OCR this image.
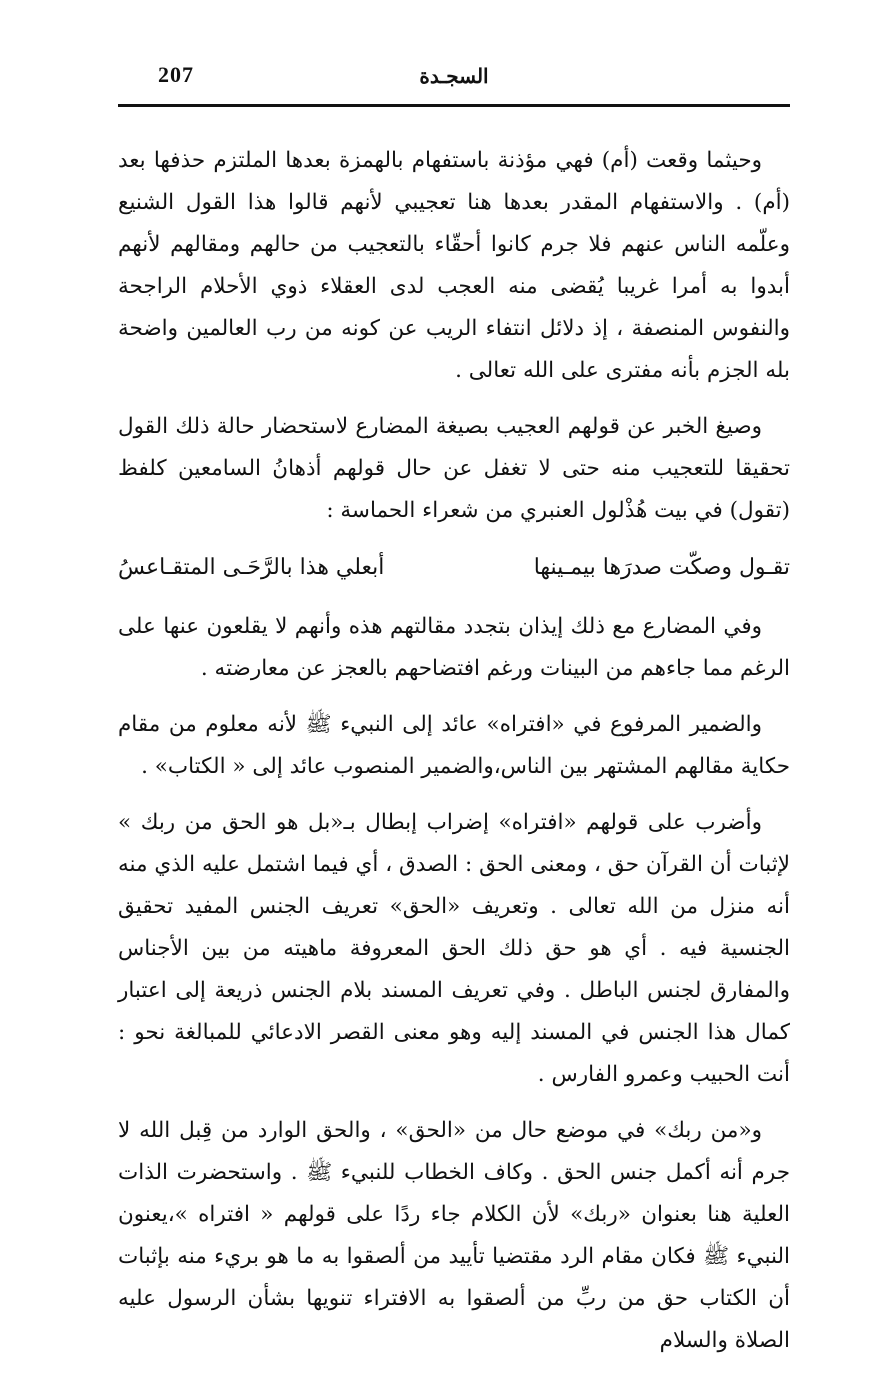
207	السجـدة

وحيثما وقعت (أم) فهي مؤذنة باستفهام بالهمزة بعدها الملتزم حذفها بعد (أم) . والاستفهام المقدر بعدها هنا تعجيبي لأنهم قالوا هذا القول الشنيع وعلّمه الناس عنهم فلا جرم كانوا أحقّاء بالتعجيب من حالهم ومقالهم لأنهم أبدوا به أمرا غريبا يُقضى منه العجب لدى العقلاء ذوي الأحلام الراجحة والنفوس المنصفة ، إذ دلائل انتفاء الريب عن كونه من رب العالمين واضحة بله الجزم بأنه مفترى على الله تعالى .

وصيغ الخبر عن قولهم العجيب بصيغة المضارع لاستحضار حالة ذلك القول تحقيقا للتعجيب منه حتى لا تغفل عن حال قولهم أذهانُ السامعين كلفظ (تقول) في بيت هُذْلول العنبري من شعراء الحماسة :

تقـول وصكّت صدرَها بيمـينها
أبعلي هذا بالرَّحَـى المتقـاعسُ

وفي المضارع مع ذلك إيذان بتجدد مقالتهم هذه وأنهم لا يقلعون عنها على الرغم مما جاءهم من البينات ورغم افتضاحهم بالعجز عن معارضته .

والضمير المرفوع في «افتراه» عائد إلى النبيء ﷺ لأنه معلوم من مقام حكاية مقالهم المشتهر بين الناس،والضمير المنصوب عائد إلى « الكتاب» .

وأضرب على قولهم «افتراه» إضراب إبطال بـ«بل هو الحق من ربك » لإثبات أن القرآن حق ، ومعنى الحق : الصدق ، أي فيما اشتمل عليه الذي منه أنه منزل من الله تعالى . وتعريف «الحق» تعريف الجنس المفيد تحقيق الجنسية فيه . أي هو حق ذلك الحق المعروفة ماهيته من بين الأجناس والمفارق لجنس الباطل . وفي تعريف المسند بلام الجنس ذريعة إلى اعتبار كمال هذا الجنس في المسند إليه وهو معنى القصر الادعائي للمبالغة نحو : أنت الحبيب وعمرو الفارس .

و«من ربك» في موضع حال من «الحق» ، والحق الوارد من قِبل الله لا جرم أنه أكمل جنس الحق . وكاف الخطاب للنبيء ﷺ . واستحضرت الذات العلية هنا بعنوان «ربك» لأن الكلام جاء ردًا على قولهم « افتراه »،يعنون النبيء ﷺ فكان مقام الرد مقتضيا تأييد من ألصقوا به ما هو بريء منه بإثبات أن الكتاب حق من ربِّ من ألصقوا به الافتراء تنويها بشأن الرسول عليه الصلاة والسلام
